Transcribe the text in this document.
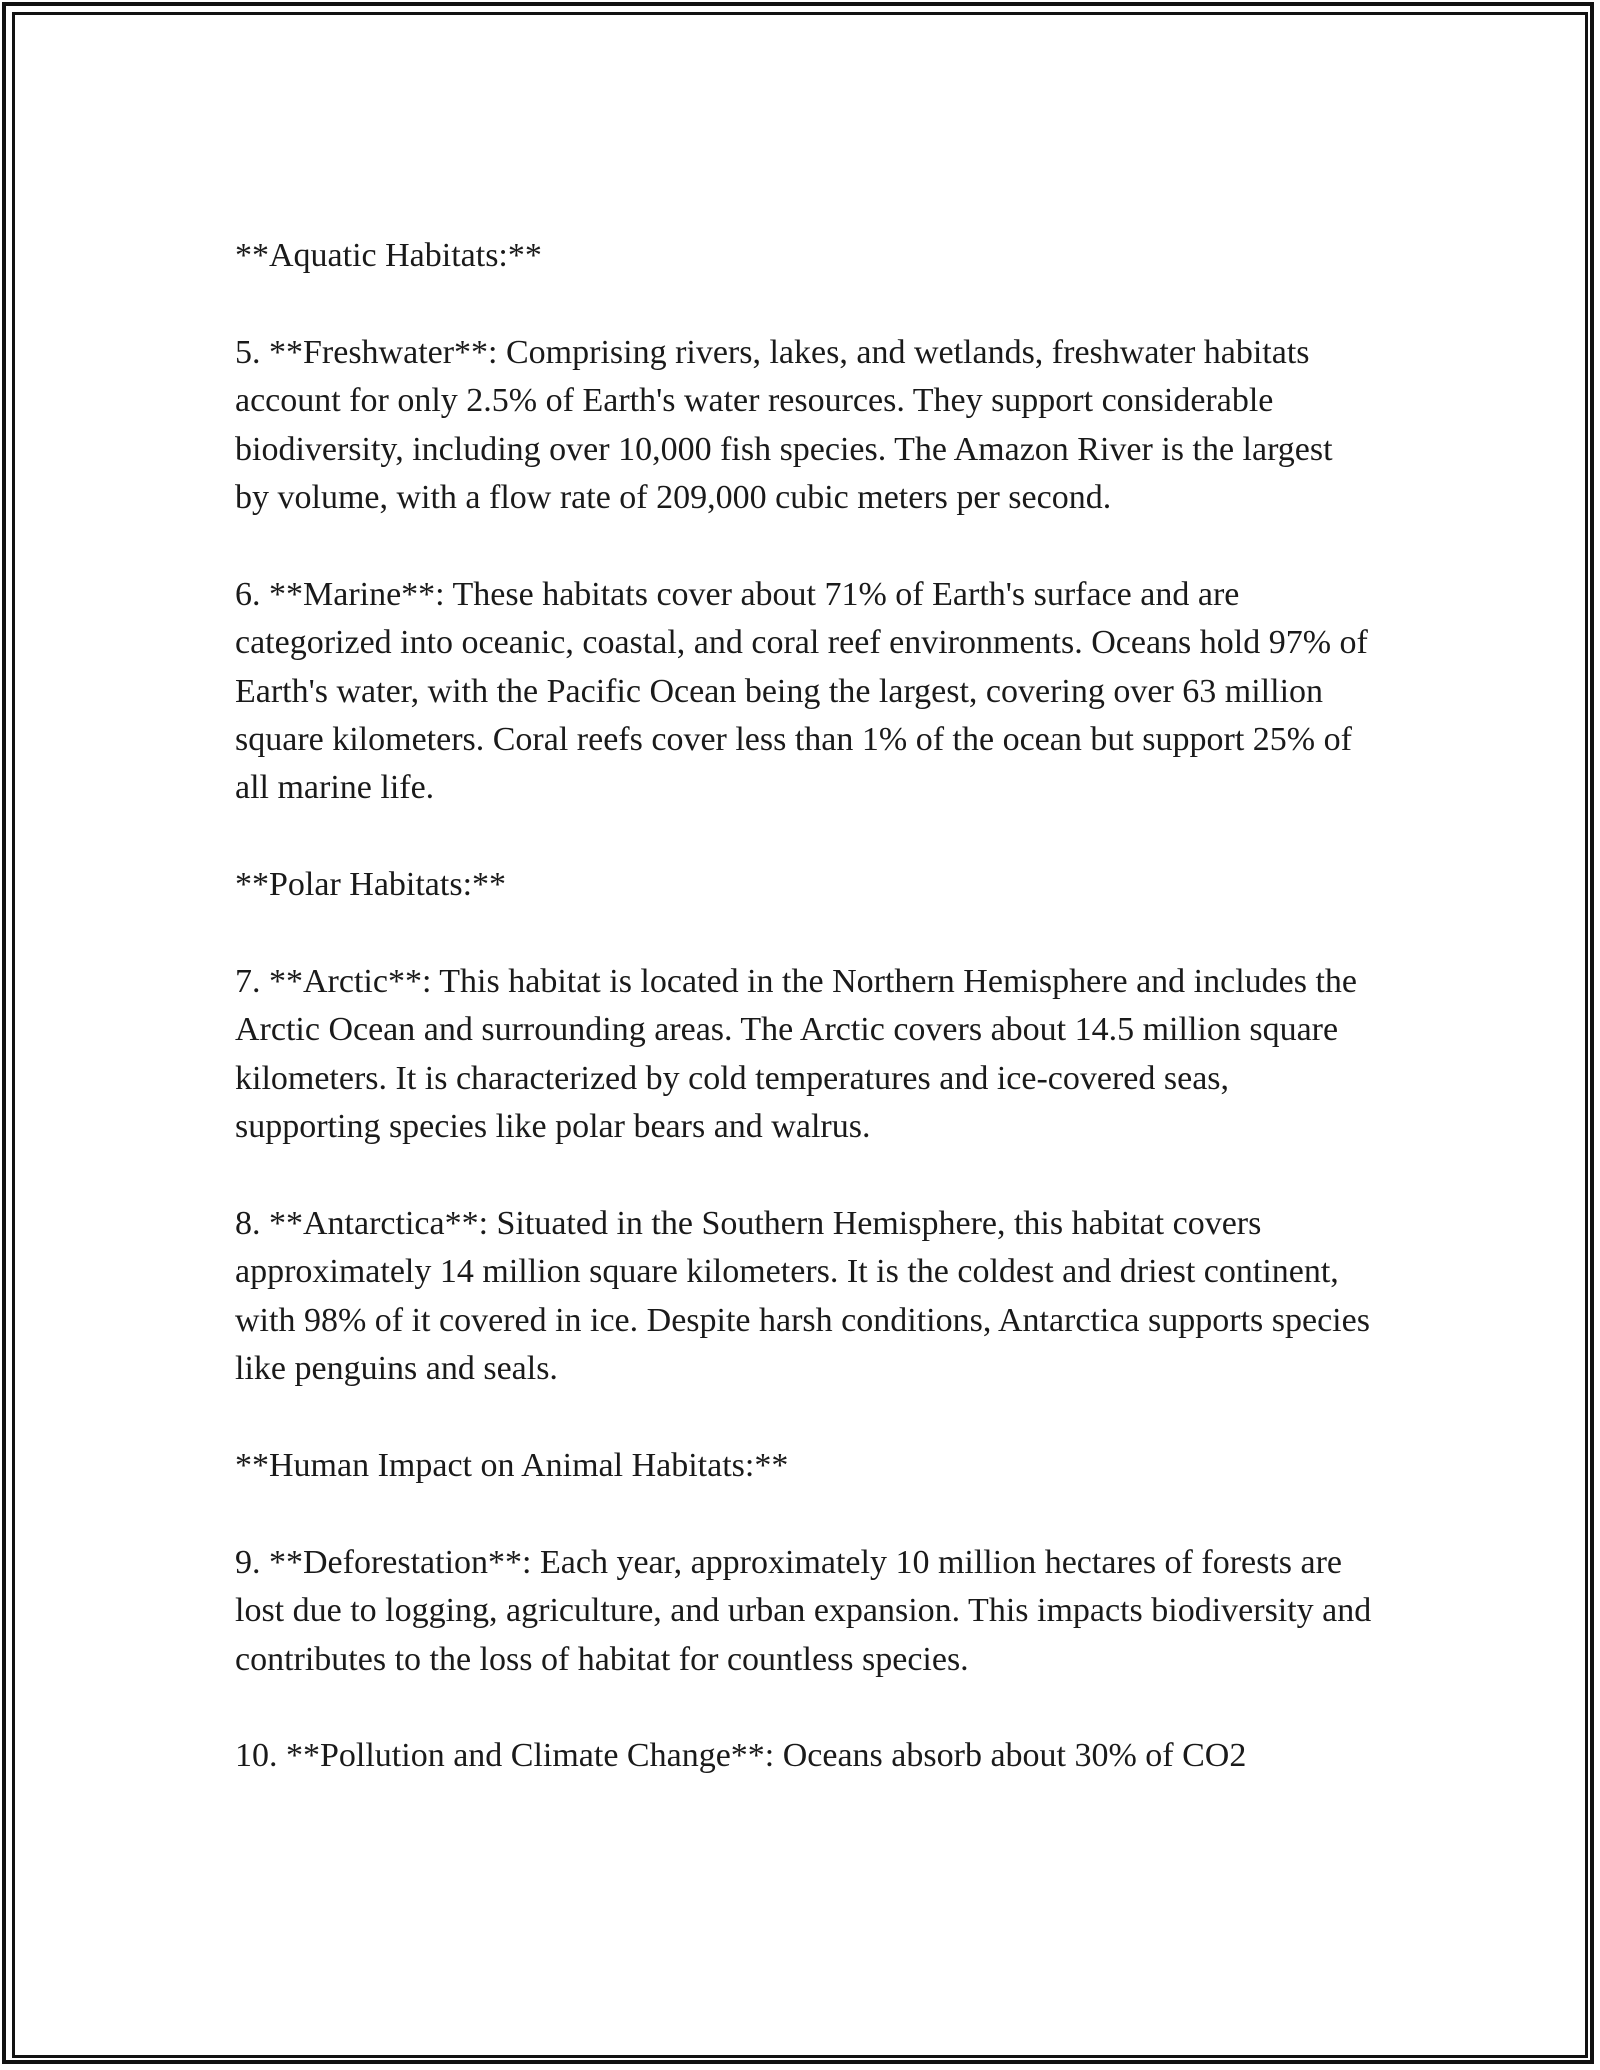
**Aquatic Habitats:**

5. **Freshwater**: Comprising rivers, lakes, and wetlands, freshwater habitats account for only 2.5% of Earth's water resources. They support considerable biodiversity, including over 10,000 fish species. The Amazon River is the largest by volume, with a flow rate of 209,000 cubic meters per second.

6. **Marine**: These habitats cover about 71% of Earth's surface and are categorized into oceanic, coastal, and coral reef environments. Oceans hold 97% of Earth's water, with the Pacific Ocean being the largest, covering over 63 million square kilometers. Coral reefs cover less than 1% of the ocean but support 25% of all marine life.

**Polar Habitats:**

7. **Arctic**: This habitat is located in the Northern Hemisphere and includes the Arctic Ocean and surrounding areas. The Arctic covers about 14.5 million square kilometers. It is characterized by cold temperatures and ice-covered seas, supporting species like polar bears and walrus.

8. **Antarctica**: Situated in the Southern Hemisphere, this habitat covers approximately 14 million square kilometers. It is the coldest and driest continent, with 98% of it covered in ice. Despite harsh conditions, Antarctica supports species like penguins and seals.

**Human Impact on Animal Habitats:**

9. **Deforestation**: Each year, approximately 10 million hectares of forests are lost due to logging, agriculture, and urban expansion. This impacts biodiversity and contributes to the loss of habitat for countless species.

10. **Pollution and Climate Change**: Oceans absorb about 30% of CO2
